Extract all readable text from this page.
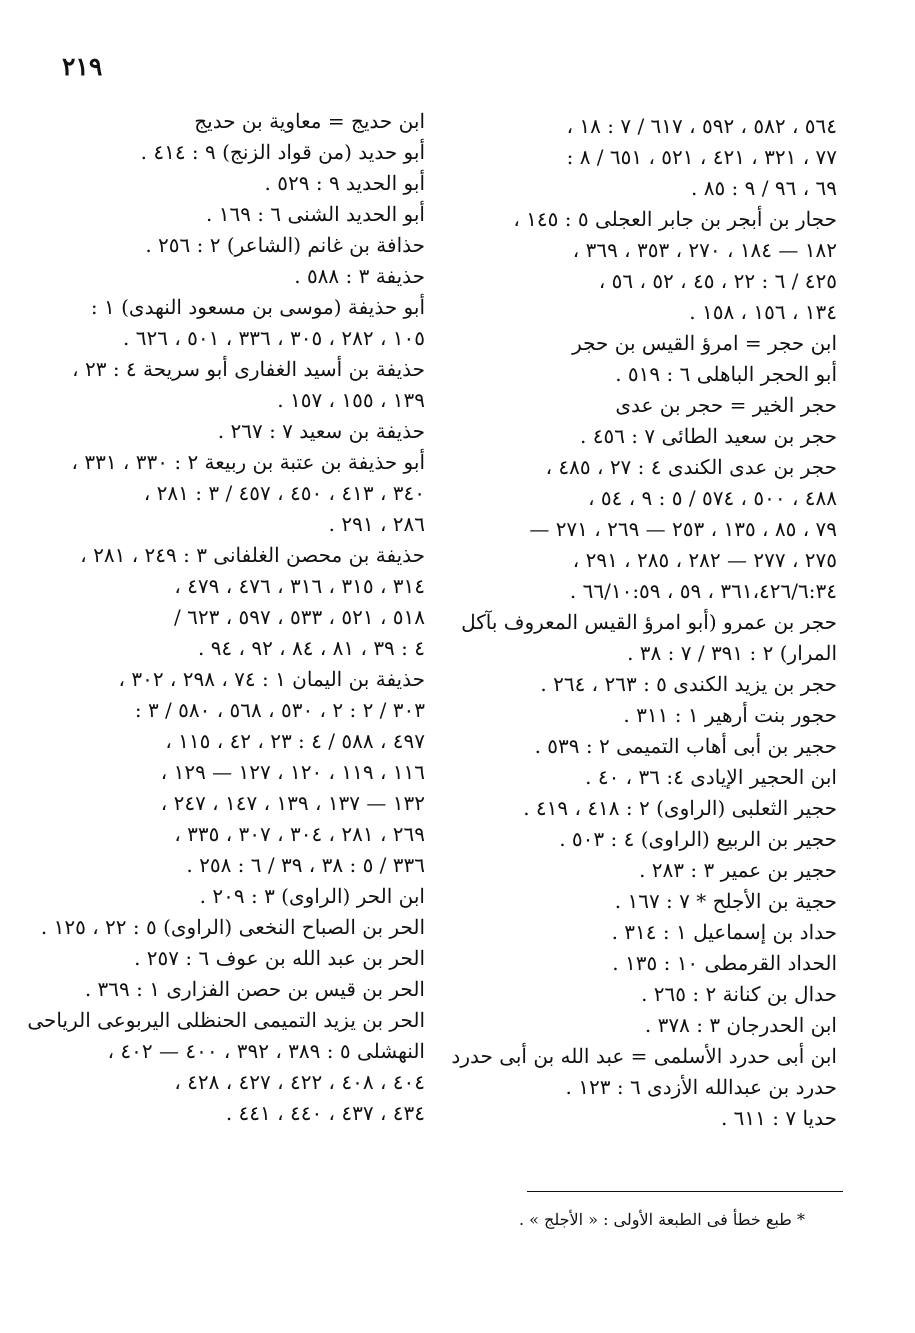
٢١٩
٥٦٤ ، ٥٨٢ ، ٥٩٢ ، ٦١٧ / ٧ : ١٨ ،
٧٧ ، ٣٢١ ، ٤٢١ ، ٥٢١ ، ٦٥١ / ٨ :
٦٩ ، ٩٦ / ٩ : ٨٥ .
حجار بن أبجر بن جابر العجلى ٥ : ١٤٥ ،
١٨٢ — ١٨٤ ، ٢٧٠ ، ٣٥٣ ، ٣٦٩ ،
٤٢٥ / ٦ : ٢٢ ، ٤٥ ، ٥٢ ، ٥٦ ،
١٣٤ ، ١٥٦ ، ١٥٨ .
ابن حجر = امرؤ القيس بن حجر
أبو الحجر الباهلى ٦ : ٥١٩ .
حجر الخير = حجر بن عدى
حجر بن سعيد الطائى ٧ : ٤٥٦ .
حجر بن عدى الكندى ٤ : ٢٧ ، ٤٨٥ ،
٤٨٨ ، ٥٠٠ ، ٥٧٤ / ٥ : ٩ ، ٥٤ ،
٧٩ ، ٨٥ ، ١٣٥ ، ٢٥٣ — ٢٦٩ ، ٢٧١ —
٢٧٥ ، ٢٧٧ — ٢٨٢ ، ٢٨٥ ، ٢٩١ ،
٣٦١،٤٢٦/٦:٣٤ ، ٥٩ ، ٦٦/١٠:٥٩ .
حجر بن عمرو (أبو امرؤ القيس المعروف بآكل
المرار) ٢ : ٣٩١ / ٧ : ٣٨ .
حجر بن يزيد الكندى ٥ : ٢٦٣ ، ٢٦٤ .
حجور بنت أرهير ١ : ٣١١ .
حجير بن أبى أهاب التميمى ٢ : ٥٣٩ .
ابن الحجير الإيادى ٤: ٣٦ ، ٤٠ .
حجير الثعلبى (الراوى) ٢ : ٤١٨ ، ٤١٩ .
حجير بن الربيع (الراوى) ٤ : ٥٠٣ .
حجير بن عمير ٣ : ٢٨٣ .
حجية بن الأجلح * ٧ : ١٦٧ .
حداد بن إسماعيل ١ : ٣١٤ .
الحداد القرمطى ١٠ : ١٣٥ .
حدال بن كنانة ٢ : ٢٦٥ .
ابن الحدرجان ٣ : ٣٧٨ .
ابن أبى حدرد الأسلمى = عبد الله بن أبى حدرد
حدرد بن عبدالله الأزدى ٦ : ١٢٣ .
حديا ٧ : ٦١١ .
ابن حديج = معاوية بن حديج
أبو حديد (من قواد الزنج) ٩ : ٤١٤ .
أبو الحديد ٩ : ٥٢٩ .
أبو الحديد الشنى ٦ : ١٦٩ .
حذافة بن غانم (الشاعر) ٢ : ٢٥٦ .
حذيفة ٣ : ٥٨٨ .
أبو حذيفة (موسى بن مسعود النهدى) ١ :
١٠٥ ، ٢٨٢ ، ٣٠٥ ، ٣٣٦ ، ٥٠١ ، ٦٢٦ .
حذيفة بن أسيد الغفارى أبو سريحة ٤ : ٢٣ ،
١٣٩ ، ١٥٥ ، ١٥٧ .
حذيفة بن سعيد ٧ : ٢٦٧ .
أبو حذيفة بن عتبة بن ربيعة ٢ : ٣٣٠ ، ٣٣١ ،
٣٤٠ ، ٤١٣ ، ٤٥٠ ، ٤٥٧ / ٣ : ٢٨١ ،
٢٨٦ ، ٢٩١ .
حذيفة بن محصن الغلفانى ٣ : ٢٤٩ ، ٢٨١ ،
٣١٤ ، ٣١٥ ، ٣١٦ ، ٤٧٦ ، ٤٧٩ ،
٥١٨ ، ٥٢١ ، ٥٣٣ ، ٥٩٧ ، ٦٢٣ /
٤ : ٣٩ ، ٨١ ، ٨٤ ، ٩٢ ، ٩٤ .
حذيفة بن اليمان ١ : ٧٤ ، ٢٩٨ ، ٣٠٢ ،
٣٠٣ / ٢ : ٢ ، ٥٣٠ ، ٥٦٨ ، ٥٨٠ / ٣ :
٤٩٧ ، ٥٨٨ / ٤ : ٢٣ ، ٤٢ ، ١١٥ ،
١١٦ ، ١١٩ ، ١٢٠ ، ١٢٧ — ١٢٩ ،
١٣٢ — ١٣٧ ، ١٣٩ ، ١٤٧ ، ٢٤٧ ،
٢٦٩ ، ٢٨١ ، ٣٠٤ ، ٣٠٧ ، ٣٣٥ ،
٣٣٦ / ٥ : ٣٨ ، ٣٩ / ٦ : ٢٥٨ .
ابن الحر (الراوى) ٣ : ٢٠٩ .
الحر بن الصباح النخعى (الراوى) ٥ : ٢٢ ، ١٢٥ .
الحر بن عبد الله بن عوف ٦ : ٢٥٧ .
الحر بن قيس بن حصن الفزارى ١ : ٣٦٩ .
الحر بن يزيد التميمى الحنظلى اليربوعى الرياحى
النهشلى ٥ : ٣٨٩ ، ٣٩٢ ، ٤٠٠ — ٤٠٢ ،
٤٠٤ ، ٤٠٨ ، ٤٢٢ ، ٤٢٧ ، ٤٢٨ ،
٤٣٤ ، ٤٣٧ ، ٤٤٠ ، ٤٤١ .
* طبع خطأ فى الطبعة الأولى : « الأجلج » .
